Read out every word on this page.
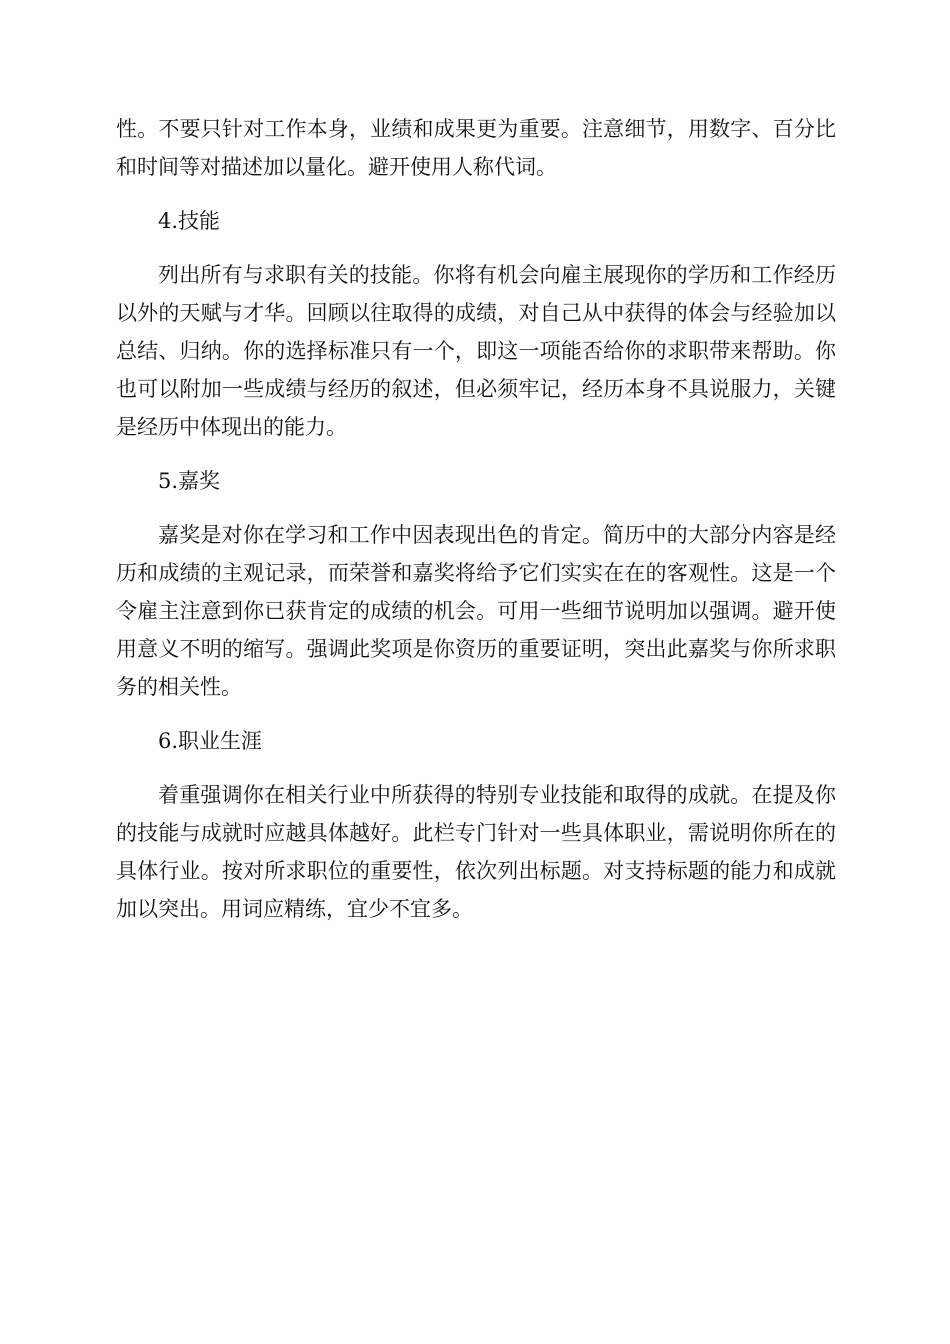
性。不要只针对工作本身，业绩和成果更为重要。注意细节，用数字、百分比和时间等对描述加以量化。避开使用人称代词。

4.技能

列出所有与求职有关的技能。你将有机会向雇主展现你的学历和工作经历以外的天赋与才华。回顾以往取得的成绩，对自己从中获得的体会与经验加以总结、归纳。你的选择标准只有一个，即这一项能否给你的求职带来帮助。你也可以附加一些成绩与经历的叙述，但必须牢记，经历本身不具说服力，关键是经历中体现出的能力。

5.嘉奖

嘉奖是对你在学习和工作中因表现出色的肯定。简历中的大部分内容是经历和成绩的主观记录，而荣誉和嘉奖将给予它们实实在在的客观性。这是一个令雇主注意到你已获肯定的成绩的机会。可用一些细节说明加以强调。避开使用意义不明的缩写。强调此奖项是你资历的重要证明，突出此嘉奖与你所求职务的相关性。

6.职业生涯

着重强调你在相关行业中所获得的特别专业技能和取得的成就。在提及你的技能与成就时应越具体越好。此栏专门针对一些具体职业，需说明你所在的具体行业。按对所求职位的重要性，依次列出标题。对支持标题的能力和成就加以突出。用词应精练，宜少不宜多。
